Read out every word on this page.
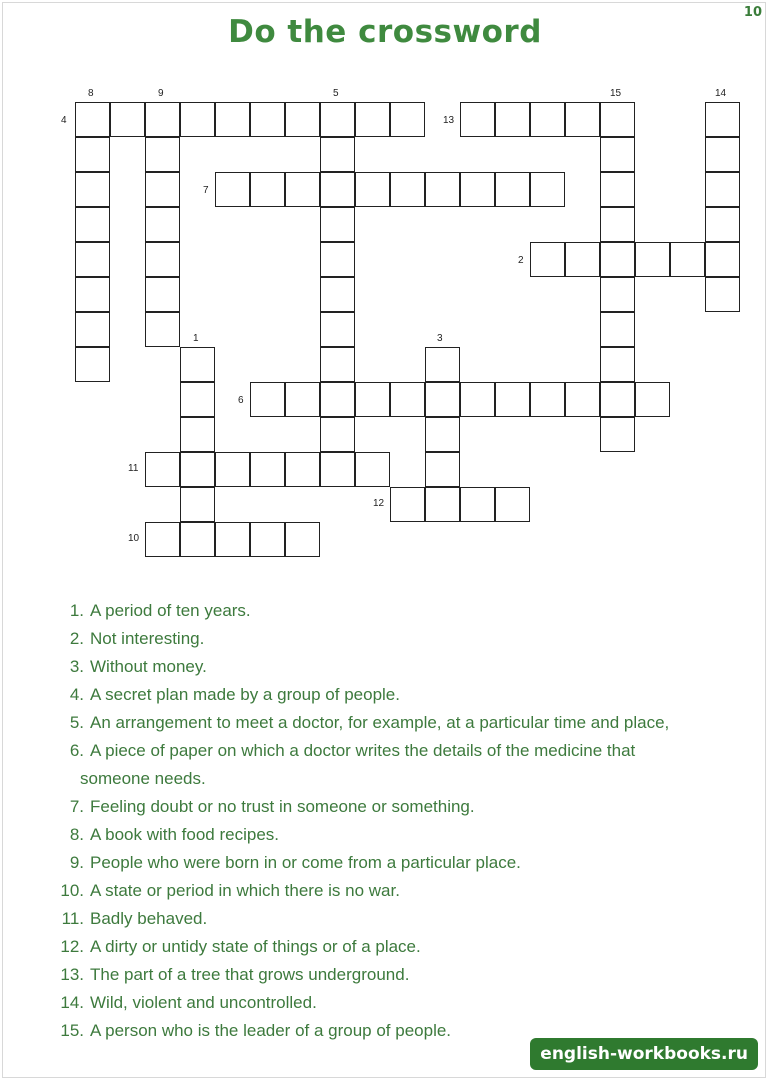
10
Do the crossword
1
2
3
4
5
6
7
8	9
10
11
12
13
14
15
1. A period of ten years.
2. Not interesting.
3. Without money.
4. A secret plan made by a group of people.
5. An arrangement to meet a doctor, for example, at a particular time and place,
6. A piece of paper on which a doctor writes the details of the medicine that
someone needs.
7. Feeling doubt or no trust in someone or something.
8. A book with food recipes.
9. People who were born in or come from a particular place.
10. A state or period in which there is no war.
11. Badly behaved.
12. A dirty or untidy state of things or of a place.
13. The part of a tree that grows underground.
14. Wild, violent and uncontrolled.
15. A person who is the leader of a group of people.
english-workbooks.ru
